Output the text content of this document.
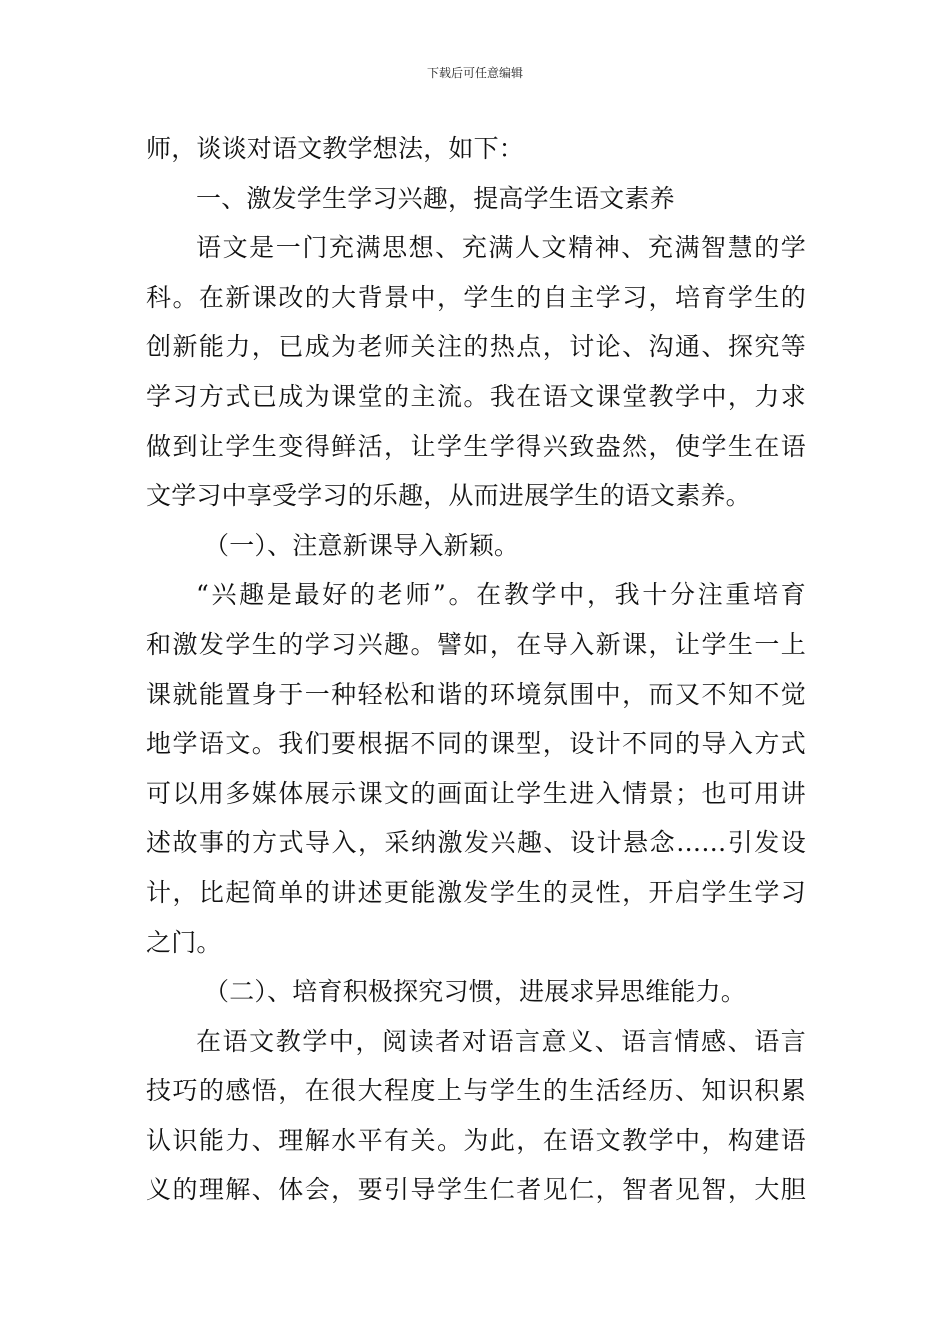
下载后可任意编辑
师，谈谈对语文教学想法，如下：
一、激发学生学习兴趣，提高学生语文素养
语文是一门充满思想、充满人文精神、充满智慧的学
科。在新课改的大背景中，学生的自主学习，培育学生的
创新能力，已成为老师关注的热点，讨论、沟通、探究等
学习方式已成为课堂的主流。我在语文课堂教学中，力求
做到让学生变得鲜活，让学生学得兴致盎然，使学生在语
文学习中享受学习的乐趣，从而进展学生的语文素养。
（一）、注意新课导入新颖。
“兴趣是最好的老师”。在教学中，我十分注重培育
和激发学生的学习兴趣。譬如，在导入新课，让学生一上
课就能置身于一种轻松和谐的环境氛围中，而又不知不觉
地学语文。我们要根据不同的课型，设计不同的导入方式
可以用多媒体展示课文的画面让学生进入情景；也可用讲
述故事的方式导入，采纳激发兴趣、设计悬念……引发设
计，比起简单的讲述更能激发学生的灵性，开启学生学习
之门。
（二）、培育积极探究习惯，进展求异思维能力。
在语文教学中，阅读者对语言意义、语言情感、语言
技巧的感悟，在很大程度上与学生的生活经历、知识积累
认识能力、理解水平有关。为此，在语文教学中，构建语
义的理解、体会，要引导学生仁者见仁，智者见智，大胆
